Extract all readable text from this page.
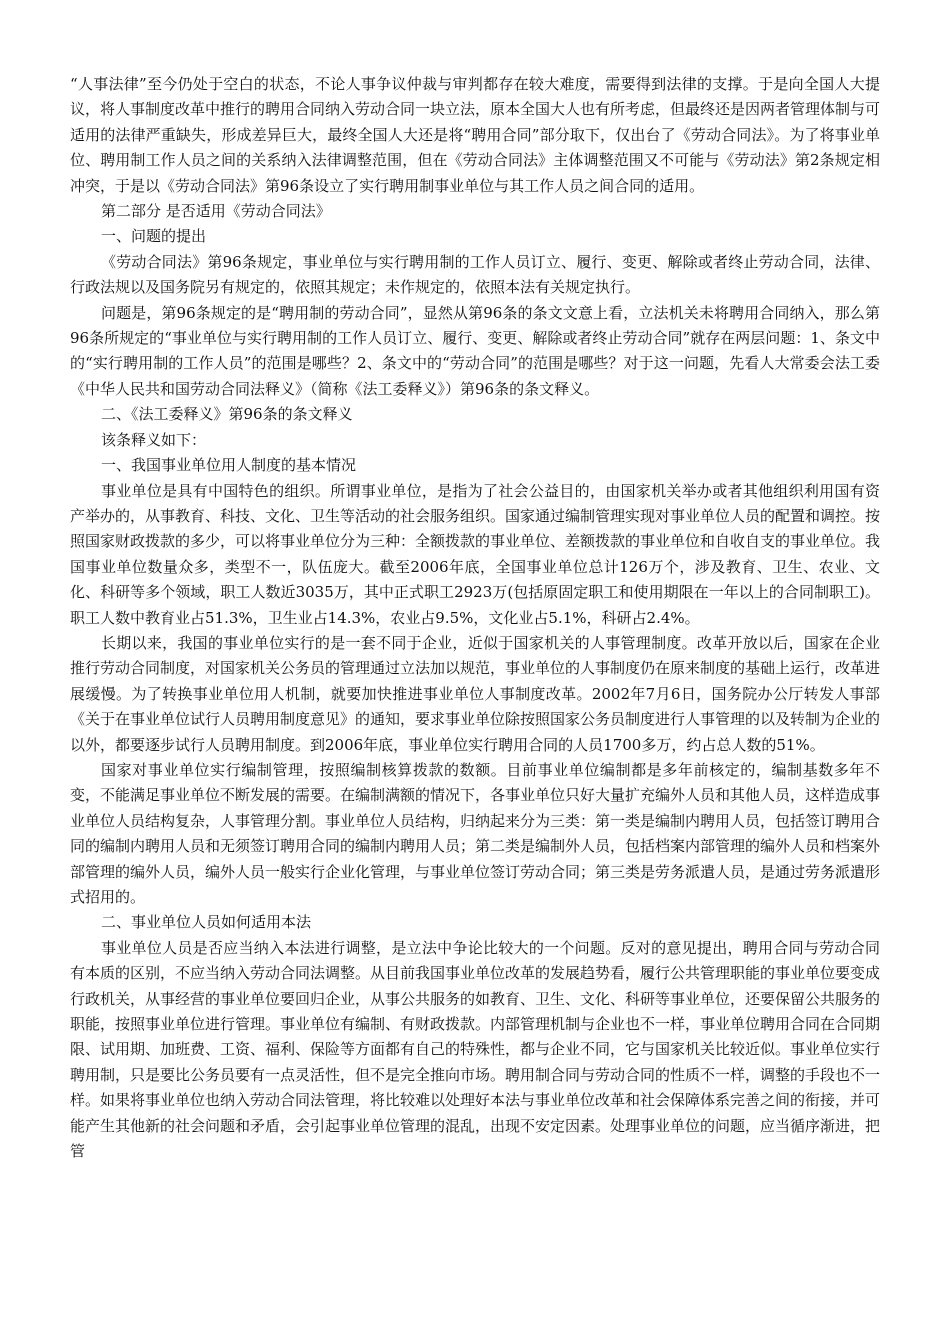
“人事法律”至今仍处于空白的状态，不论人事争议仲裁与审判都存在较大难度，需要得到法律的支撑。于是向全国人大提议，将人事制度改革中推行的聘用合同纳入劳动合同一块立法，原本全国大人也有所考虑，但最终还是因两者管理体制与可适用的法律严重缺失，形成差异巨大，最终全国人大还是将“聘用合同”部分取下，仅出台了《劳动合同法》。为了将事业单位、聘用制工作人员之间的关系纳入法律调整范围，但在《劳动合同法》主体调整范围又不可能与《劳动法》第2条规定相冲突，于是以《劳动合同法》第96条设立了实行聘用制事业单位与其工作人员之间合同的适用。

第二部分 是否适用《劳动合同法》

一、问题的提出

《劳动合同法》第96条规定，事业单位与实行聘用制的工作人员订立、履行、变更、解除或者终止劳动合同，法律、行政法规以及国务院另有规定的，依照其规定；未作规定的，依照本法有关规定执行。

问题是，第96条规定的是“聘用制的劳动合同”，显然从第96条的条文文意上看，立法机关未将聘用合同纳入，那么第96条所规定的“事业单位与实行聘用制的工作人员订立、履行、变更、解除或者终止劳动合同”就存在两层问题：1、条文中的“实行聘用制的工作人员”的范围是哪些？2、条文中的“劳动合同”的范围是哪些？对于这一问题，先看人大常委会法工委《中华人民共和国劳动合同法释义》（简称《法工委释义》）第96条的条文释义。

二、《法工委释义》第96条的条文释义

该条释义如下：

一、我国事业单位用人制度的基本情况

事业单位是具有中国特色的组织。所谓事业单位，是指为了社会公益目的，由国家机关举办或者其他组织利用国有资产举办的，从事教育、科技、文化、卫生等活动的社会服务组织。国家通过编制管理实现对事业单位人员的配置和调控。按照国家财政拨款的多少，可以将事业单位分为三种：全额拨款的事业单位、差额拨款的事业单位和自收自支的事业单位。我国事业单位数量众多，类型不一，队伍庞大。截至2006年底，全国事业单位总计126万个，涉及教育、卫生、农业、文化、科研等多个领域，职工人数近3035万，其中正式职工2923万(包括原固定职工和使用期限在一年以上的合同制职工)。职工人数中教育业占51.3%，卫生业占14.3%，农业占9.5%，文化业占5.1%，科研占2.4%。

长期以来，我国的事业单位实行的是一套不同于企业，近似于国家机关的人事管理制度。改革开放以后，国家在企业推行劳动合同制度，对国家机关公务员的管理通过立法加以规范，事业单位的人事制度仍在原来制度的基础上运行，改革进展缓慢。为了转换事业单位用人机制，就要加快推进事业单位人事制度改革。2002年7月6日，国务院办公厅转发人事部《关于在事业单位试行人员聘用制度意见》的通知，要求事业单位除按照国家公务员制度进行人事管理的以及转制为企业的以外，都要逐步试行人员聘用制度。到2006年底，事业单位实行聘用合同的人员1700多万，约占总人数的51%。

国家对事业单位实行编制管理，按照编制核算拨款的数额。目前事业单位编制都是多年前核定的，编制基数多年不变，不能满足事业单位不断发展的需要。在编制满额的情况下，各事业单位只好大量扩充编外人员和其他人员，这样造成事业单位人员结构复杂，人事管理分割。事业单位人员结构，归纳起来分为三类：第一类是编制内聘用人员，包括签订聘用合同的编制内聘用人员和无须签订聘用合同的编制内聘用人员；第二类是编制外人员，包括档案内部管理的编外人员和档案外部管理的编外人员，编外人员一般实行企业化管理，与事业单位签订劳动合同；第三类是劳务派遣人员，是通过劳务派遣形式招用的。

二、事业单位人员如何适用本法

事业单位人员是否应当纳入本法进行调整，是立法中争论比较大的一个问题。反对的意见提出，聘用合同与劳动合同有本质的区别，不应当纳入劳动合同法调整。从目前我国事业单位改革的发展趋势看，履行公共管理职能的事业单位要变成行政机关，从事经营的事业单位要回归企业，从事公共服务的如教育、卫生、文化、科研等事业单位，还要保留公共服务的职能，按照事业单位进行管理。事业单位有编制、有财政拨款。内部管理机制与企业也不一样，事业单位聘用合同在合同期限、试用期、加班费、工资、福利、保险等方面都有自己的特殊性，都与企业不同，它与国家机关比较近似。事业单位实行聘用制，只是要比公务员要有一点灵活性，但不是完全推向市场。聘用制合同与劳动合同的性质不一样，调整的手段也不一样。如果将事业单位也纳入劳动合同法管理，将比较难以处理好本法与事业单位改革和社会保障体系完善之间的衔接，并可能产生其他新的社会问题和矛盾，会引起事业单位管理的混乱，出现不安定因素。处理事业单位的问题，应当循序渐进，把管
